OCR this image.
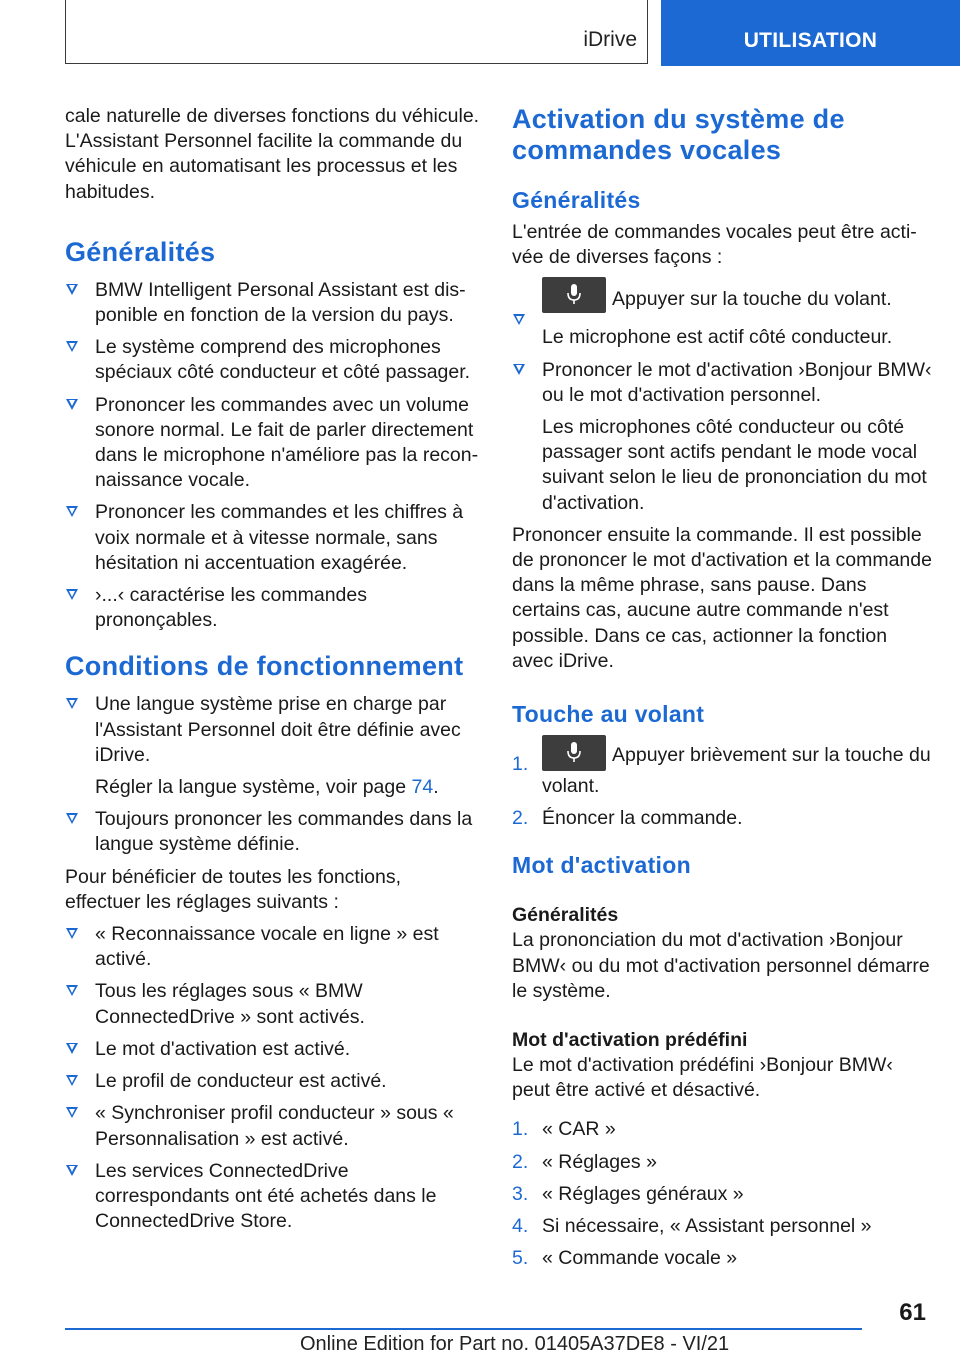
iDrive	UTILISATION

cale naturelle de diverses fonctions du véhicule. L'Assistant Personnel facilite la commande du véhicule en automatisant les processus et les habitudes.

Généralités
BMW Intelligent Personal Assistant est disponible en fonction de la version du pays.
Le système comprend des microphones spéciaux côté conducteur et côté passager.
Prononcer les commandes avec un volume sonore normal. Le fait de parler directement dans le microphone n'améliore pas la reconnaissance vocale.
Prononcer les commandes et les chiffres à voix normale et à vitesse normale, sans hésitation ni accentuation exagérée.
›...‹ caractérise les commandes prononçables.
Conditions de fonctionnement
Une langue système prise en charge par l'Assistant Personnel doit être définie avec iDrive.

Régler la langue système, voir page 74.

Toujours prononcer les commandes dans la langue système définie.

Pour bénéficier de toutes les fonctions, effectuer les réglages suivants :

« Reconnaissance vocale en ligne » est activé.
Tous les réglages sous « BMW ConnectedDrive » sont activés.
Le mot d'activation est activé.
Le profil de conducteur est activé.
« Synchroniser profil conducteur » sous « Personnalisation » est activé.
Les services ConnectedDrive correspondants ont été achetés dans le ConnectedDrive Store.
Activation du système de commandes vocales
Généralités

L'entrée de commandes vocales peut être activée de diverses façons :

Appuyer sur la touche du volant.

Le microphone est actif côté conducteur.

Prononcer le mot d'activation ›Bonjour BMW‹ ou le mot d'activation personnel.

Les microphones côté conducteur ou côté passager sont actifs pendant le mode vocal suivant selon le lieu de prononciation du mot d'activation.

Prononcer ensuite la commande. Il est possible de prononcer le mot d'activation et la commande dans la même phrase, sans pause. Dans certains cas, aucune autre commande n'est possible. Dans ce cas, actionner la fonction avec iDrive.

Touche au volant
1.	Appuyer brièvement sur la touche du volant.
2. Énoncer la commande.
Mot d'activation
Généralités

La prononciation du mot d'activation ›Bonjour BMW‹ ou du mot d'activation personnel démarre le système.

Mot d'activation prédéfini

Le mot d'activation prédéfini ›Bonjour BMW‹ peut être activé et désactivé.

1. « CAR »
2. « Réglages »
3. « Réglages généraux »
4. Si nécessaire, « Assistant personnel »
5. « Commande vocale »
61
Online Edition for Part no. 01405A37DE8 - VI/21
